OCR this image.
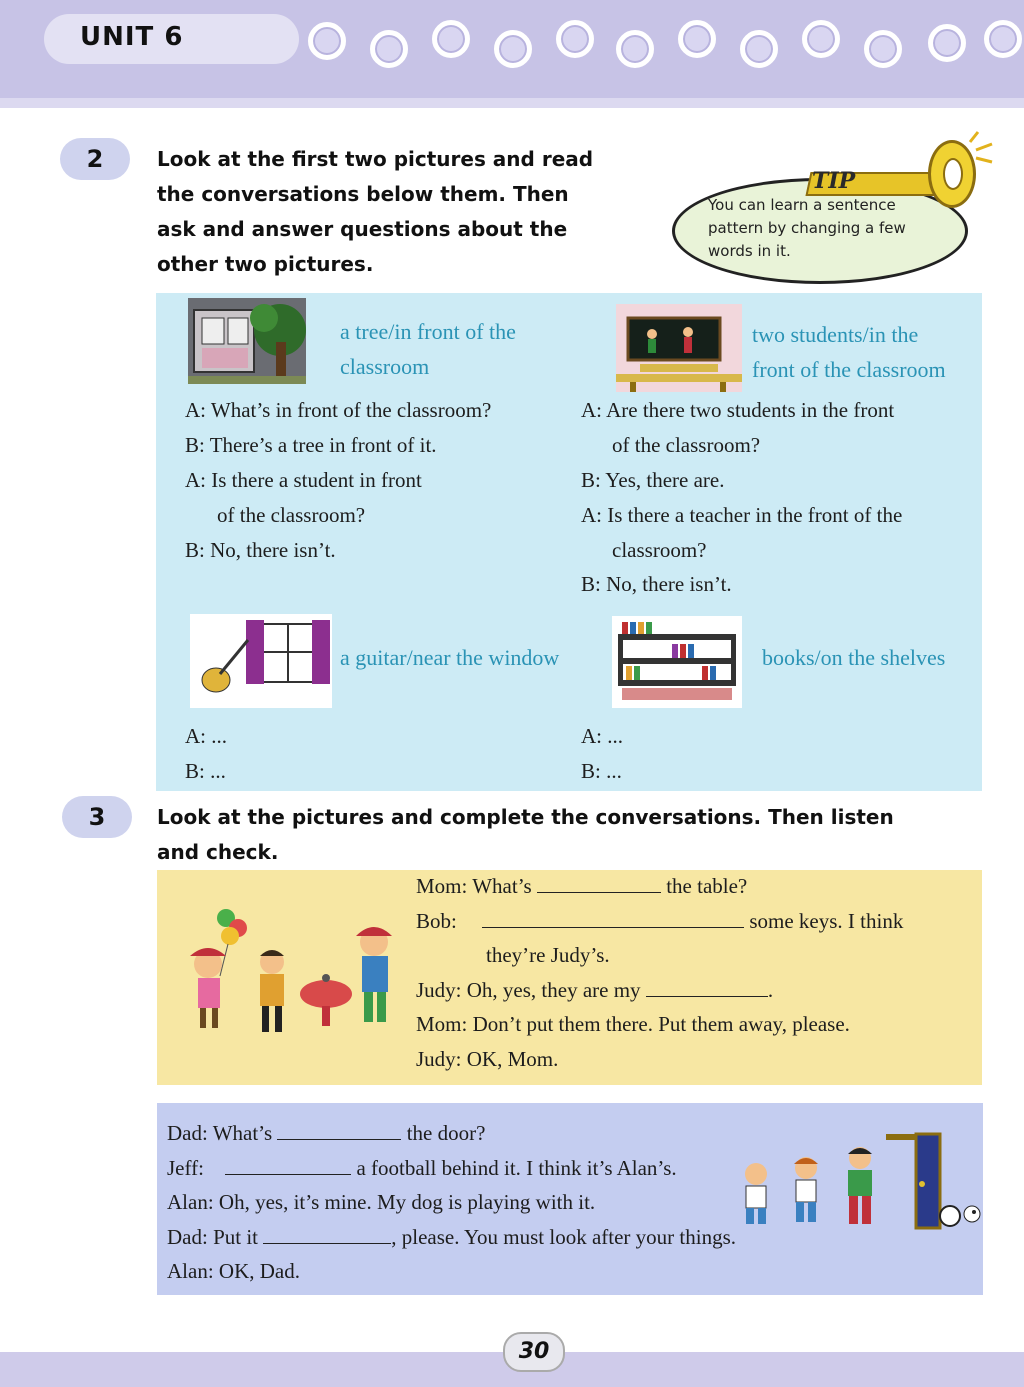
UNIT 6
2	Look at the first two pictures and read
the conversations below them. Then
ask and answer questions about the
other two pictures.
TIP
You can learn a sentence
pattern by changing a few
words in it.
a tree/in front of the
classroom
two students/in the
front of the classroom
A: What’s in front of the classroom?
B: There’s a tree in front of it.
A: Is there a student in front
of the classroom?
B: No, there isn’t.
A: Are there two students in the front
of the classroom?
B: Yes, there are.
A: Is there a teacher in the front of the
classroom?
B: No, there isn’t.
a guitar/near the window	books/on the shelves
A: ...
B: ...
A: ...
B: ...
3	Look at the pictures and complete the conversations. Then listen
and check.
Mom: What’s	the table?
Bob:	some keys. I think
they’re Judy’s.
Judy: Oh, yes, they are my	.
Mom: Don’t put them there. Put them away, please.
Judy: OK, Mom.
Dad: What’s	the door?
Jeff:	a football behind it. I think it’s Alan’s.
Alan: Oh, yes, it’s mine. My dog is playing with it.
Dad: Put it	, please. You must look after your things.
Alan: OK, Dad.
30
